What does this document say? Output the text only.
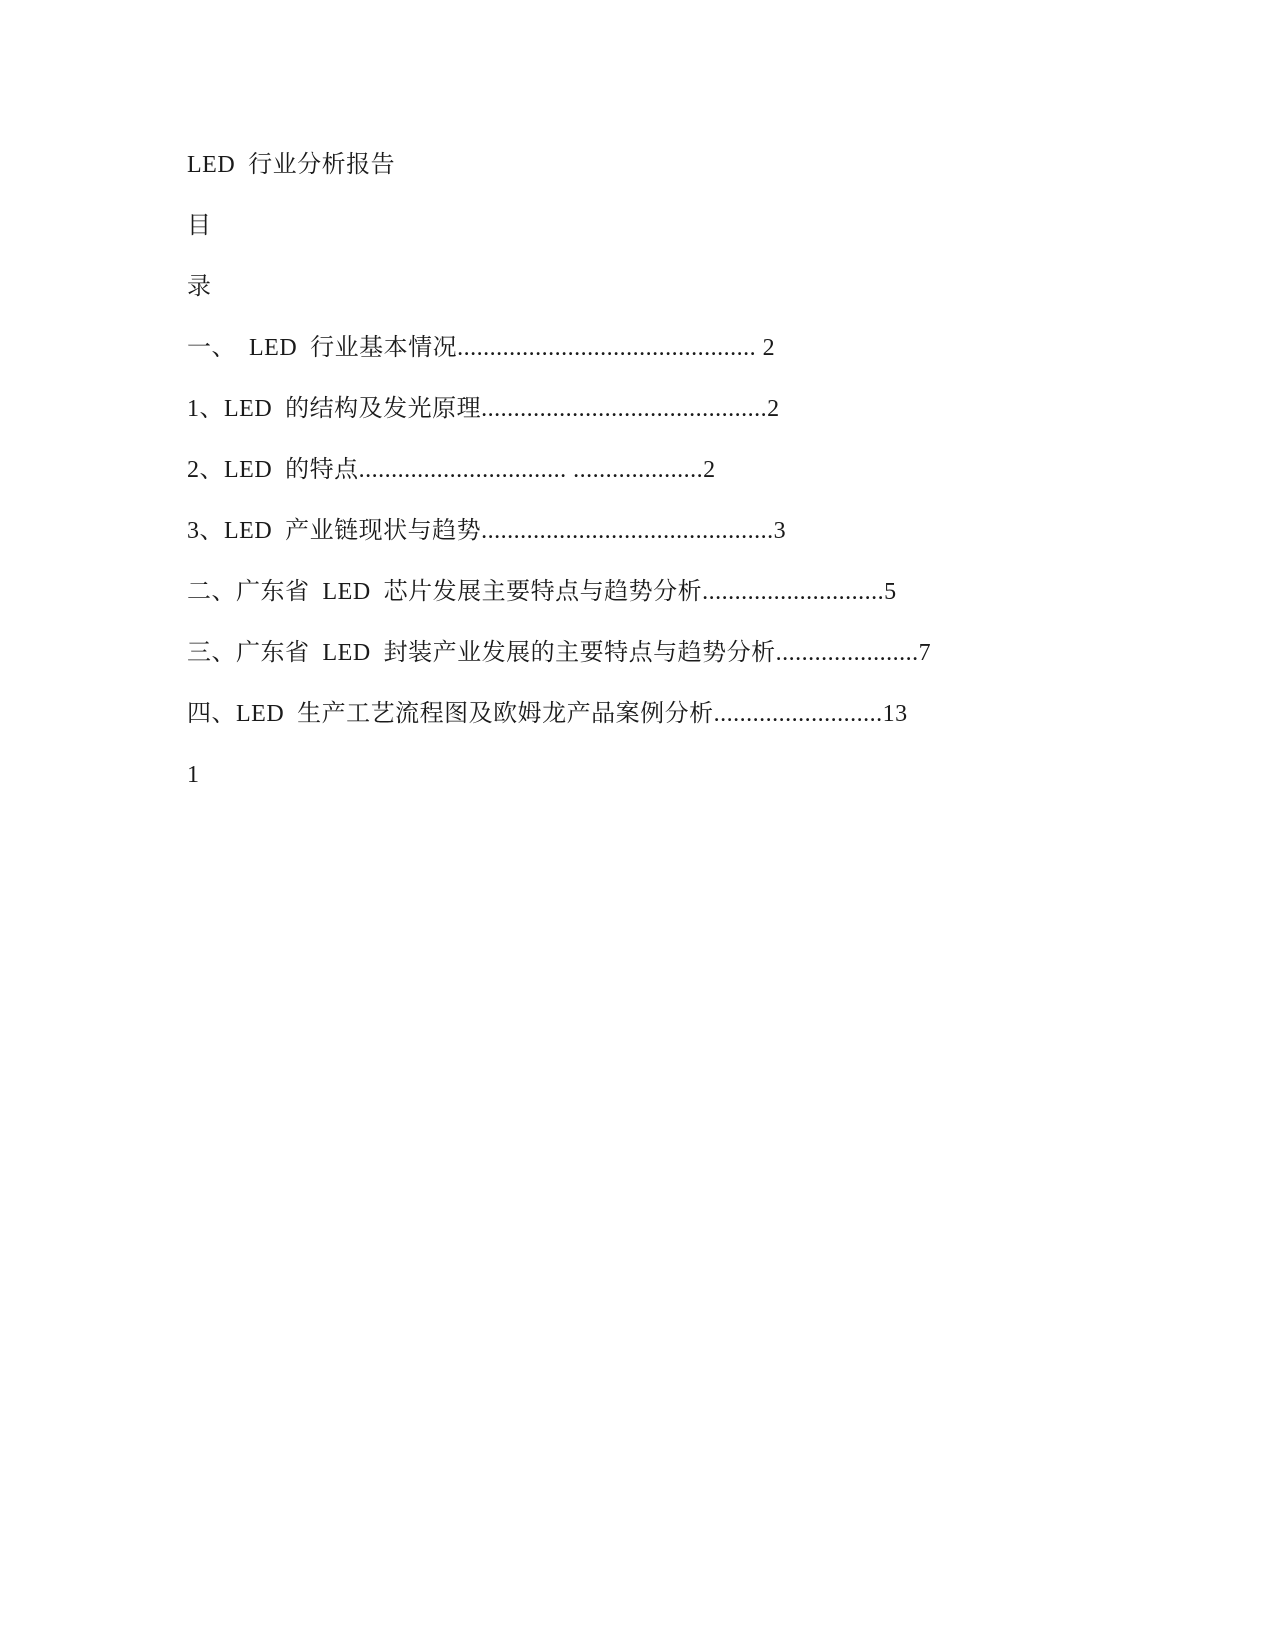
LED  行业分析报告
目
录
一、  LED  行业基本情况.............................................. 2
1、LED  的结构及发光原理............................................2
2、LED  的特点................................ ....................2
3、LED  产业链现状与趋势.............................................3
二、广东省  LED  芯片发展主要特点与趋势分析............................5
三、广东省  LED  封装产业发展的主要特点与趋势分析......................7
四、LED  生产工艺流程图及欧姆龙产品案例分析..........................13
1
